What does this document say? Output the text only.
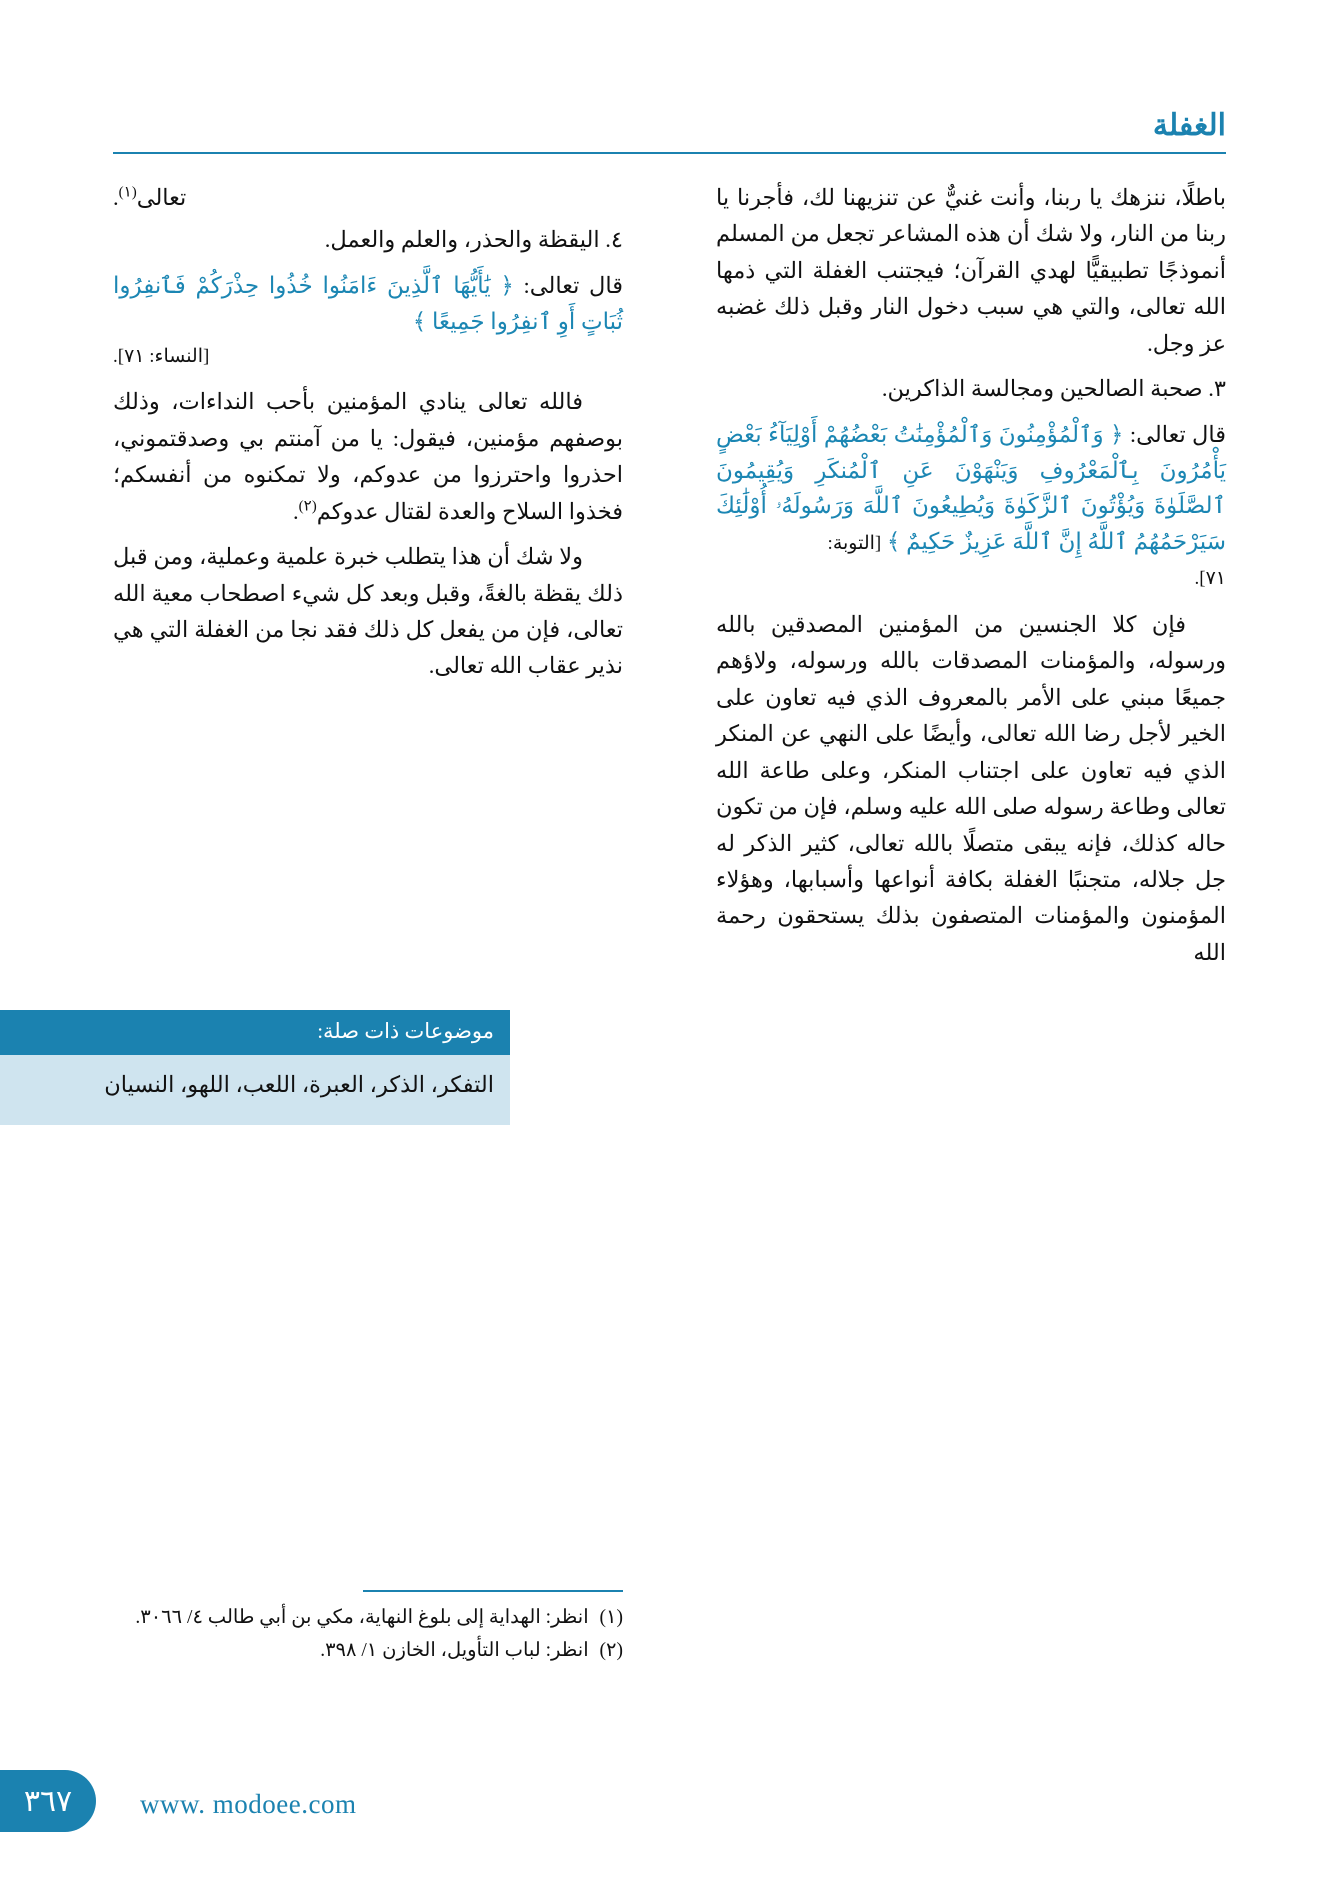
الغفلة

باطلًا، ننزهك يا ربنا، وأنت غنيٌّ عن تنزيهنا لك، فأجرنا يا ربنا من النار، ولا شك أن هذه المشاعر تجعل من المسلم أنموذجًا تطبيقيًّا لهدي القرآن؛ فيجتنب الغفلة التي ذمها الله تعالى، والتي هي سبب دخول النار وقبل ذلك غضبه عز وجل.

٣. صحبة الصالحين ومجالسة الذاكرين.

قال تعالى: ﴿ وَٱلْمُؤْمِنُونَ وَٱلْمُؤْمِنَٰتُ بَعْضُهُمْ أَوْلِيَآءُ بَعْضٍ يَأْمُرُونَ بِٱلْمَعْرُوفِ وَيَنْهَوْنَ عَنِ ٱلْمُنكَرِ وَيُقِيمُونَ ٱلصَّلَوٰةَ وَيُؤْتُونَ ٱلزَّكَوٰةَ وَيُطِيعُونَ ٱللَّهَ وَرَسُولَهُۥ أُوْلَٰئِكَ سَيَرْحَمُهُمُ ٱللَّهُ إِنَّ ٱللَّهَ عَزِيزٌ حَكِيمٌ ﴾ [التوبة:

٧١].

فإن كلا الجنسين من المؤمنين المصدقين بالله ورسوله، والمؤمنات المصدقات بالله ورسوله، ولاؤهم جميعًا مبني على الأمر بالمعروف الذي فيه تعاون على الخير لأجل رضا الله تعالى، وأيضًا على النهي عن المنكر الذي فيه تعاون على اجتناب المنكر، وعلى طاعة الله تعالى وطاعة رسوله صلى الله عليه وسلم، فإن من تكون حاله كذلك، فإنه يبقى متصلًا بالله تعالى، كثير الذكر له جل جلاله، متجنبًا الغفلة بكافة أنواعها وأسبابها، وهؤلاء المؤمنون والمؤمنات المتصفون بذلك يستحقون رحمة الله

تعالى$^{(١)}$.

٤. اليقظة والحذر، والعلم والعمل.

قال تعالى: ﴿ يَٰأَيُّهَا ٱلَّذِينَ ءَامَنُوا خُذُوا حِذْرَكُمْ فَٱنفِرُوا ثُبَاتٍ أَوِ ٱنفِرُوا جَمِيعًا ﴾

[النساء: ٧١].

فالله تعالى ينادي المؤمنين بأحب النداءات، وذلك بوصفهم مؤمنين، فيقول: يا من آمنتم بي وصدقتموني، احذروا واحترزوا من عدوكم، ولا تمكنوه من أنفسكم؛ فخذوا السلاح والعدة لقتال عدوكم$^{(٢)}$.

ولا شك أن هذا يتطلب خبرة علمية وعملية، ومن قبل ذلك يقظة بالغةً، وقبل وبعد كل شيء اصطحاب معية الله تعالى، فإن من يفعل كل ذلك فقد نجا من الغفلة التي هي نذير عقاب الله تعالى.

موضوعات ذات صلة:
التفكر، الذكر، العبرة، اللعب، اللهو، النسيان
(١) انظر: الهداية إلى بلوغ النهاية، مكي بن أبي طالب ٤/ ٣٠٦٦.
(٢) انظر: لباب التأويل، الخازن ١/ ٣٩٨.
٣٦٧	www. modoee.com
